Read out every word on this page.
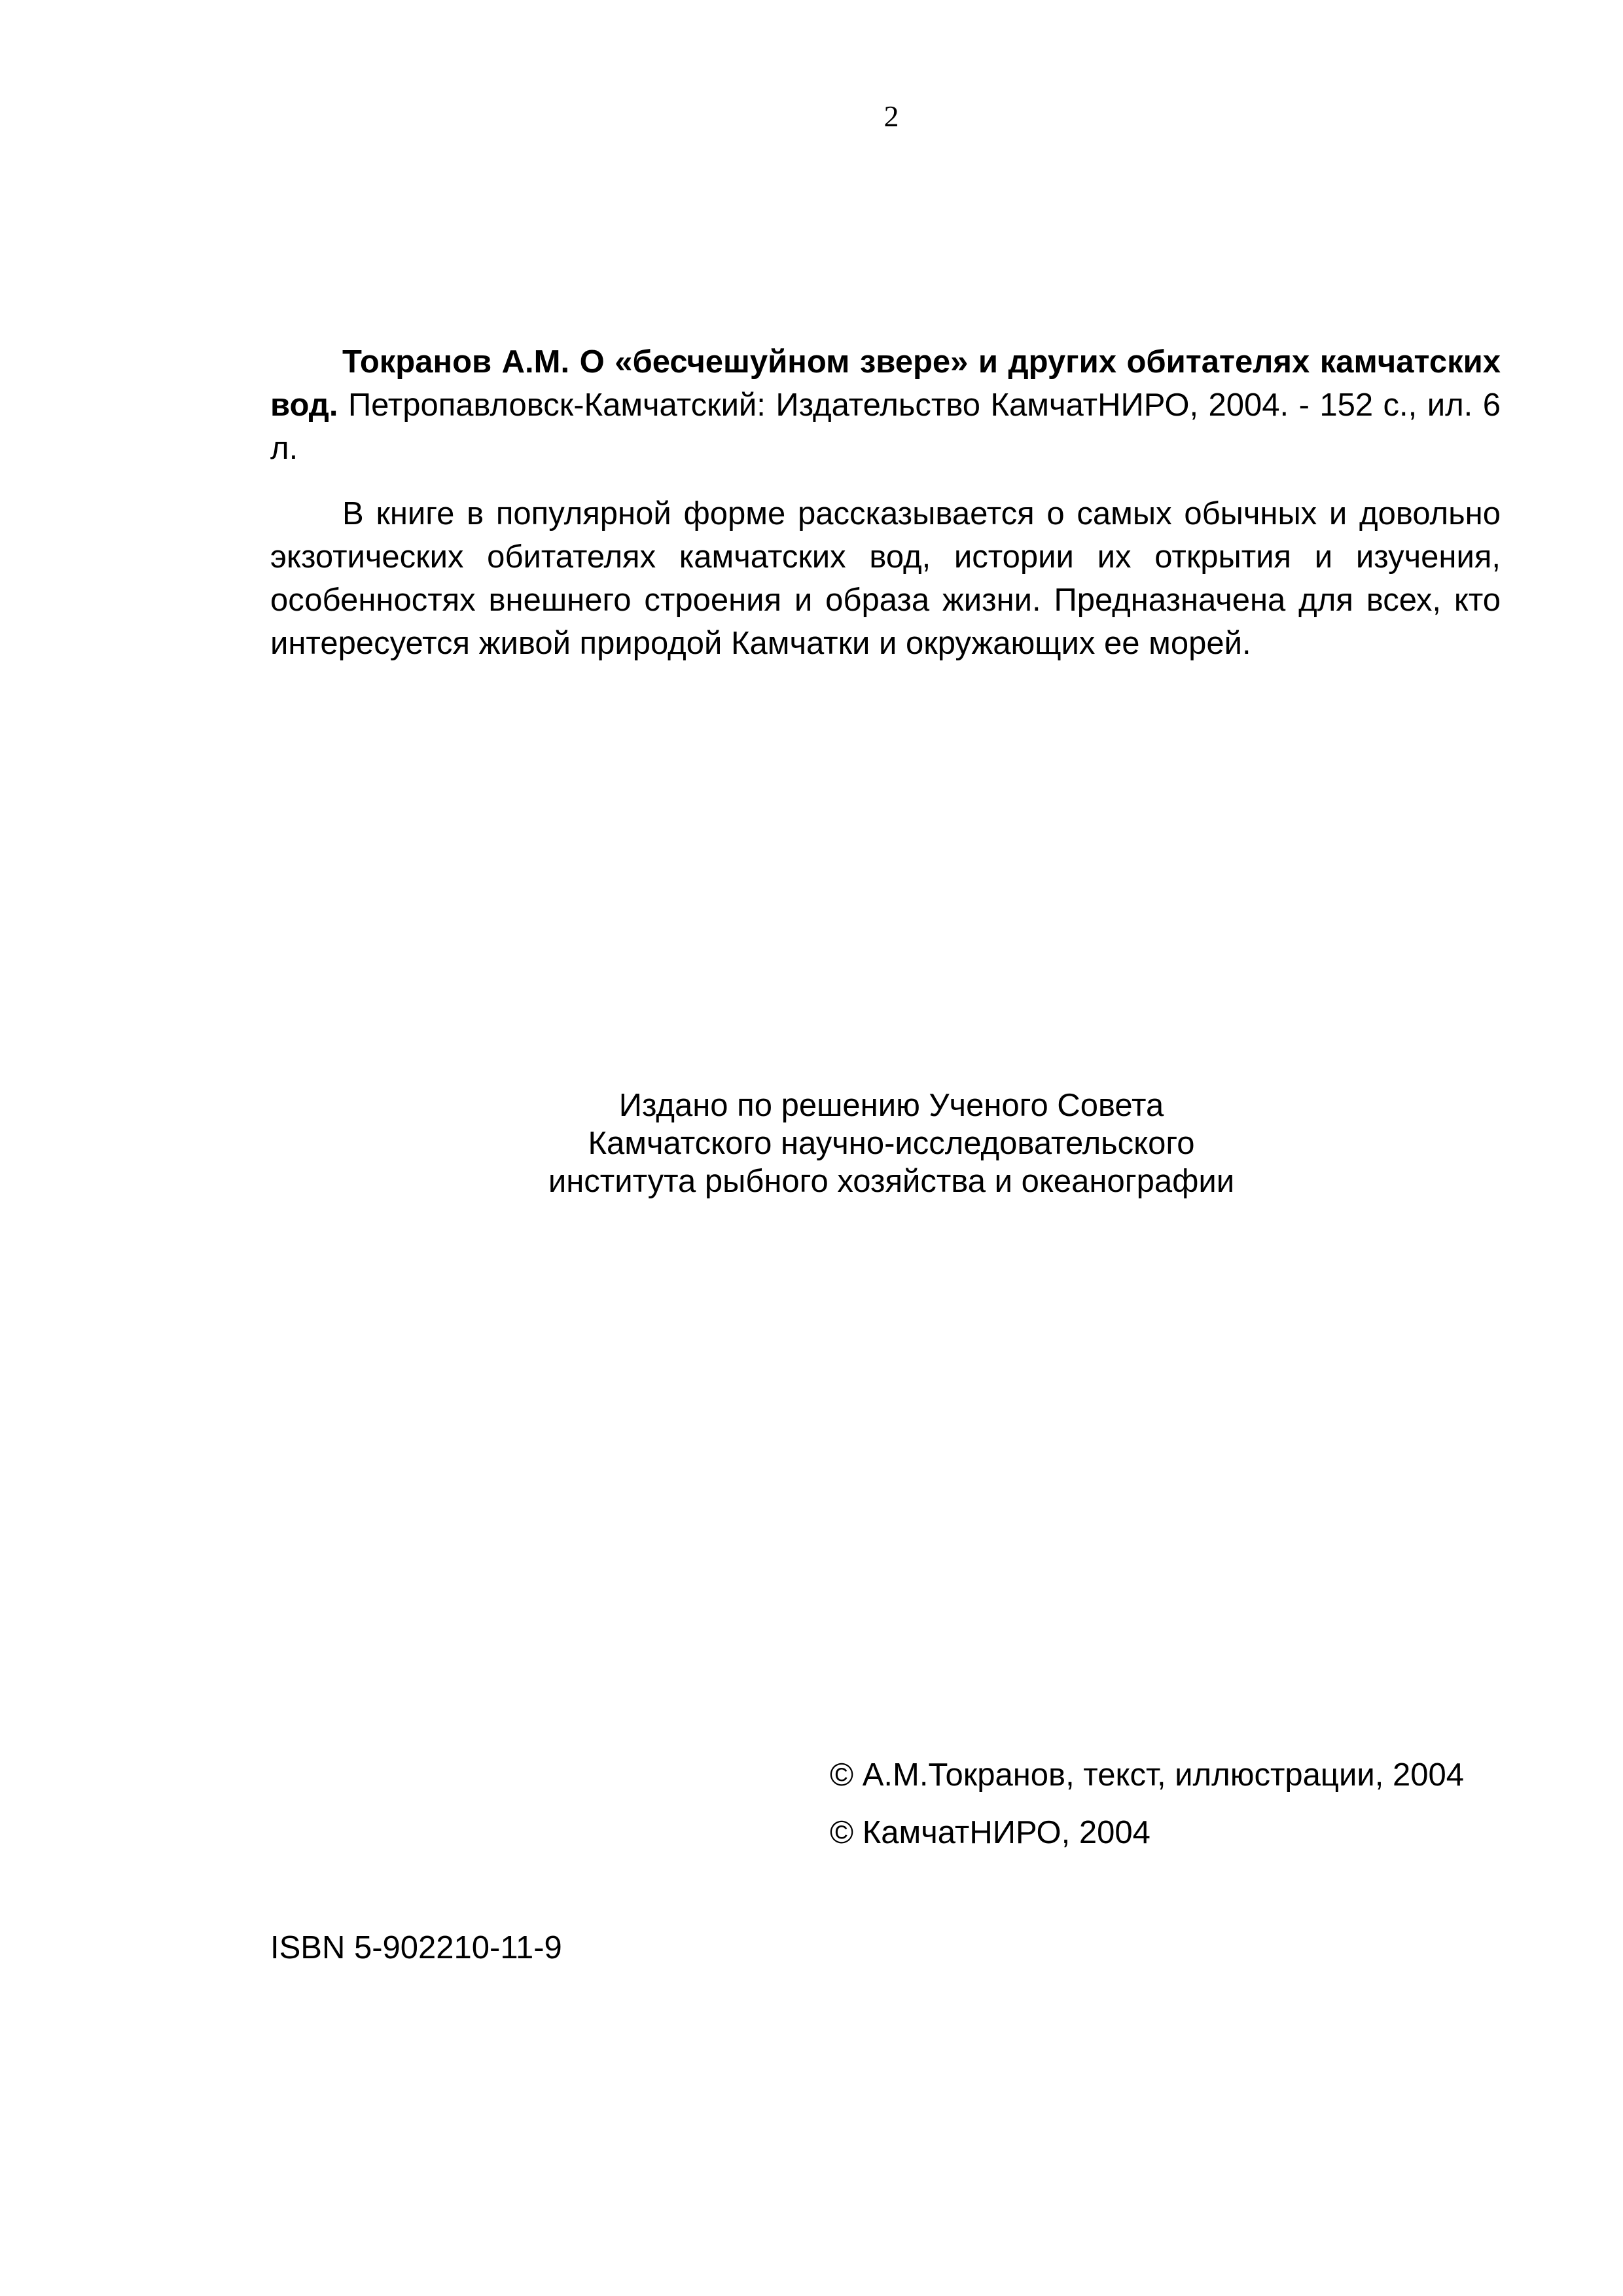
2

Токранов А.М. О «бесчешуйном звере» и других обитателях камчатских вод. Петропавловск-Камчатский: Издательство КамчатНИРО, 2004. - 152 с., ил. 6 л.

В книге в популярной форме рассказывается о самых обычных и довольно экзотических обитателях камчатских вод, истории их открытия и изучения, особенностях внешнего строения и образа жизни. Предназначена для всех, кто интересуется живой природой Камчатки и окружающих ее морей.

Издано по решению Ученого Совета
Камчатского научно-исследовательского
института рыбного хозяйства и океанографии
© А.М.Токранов, текст, иллюстрации, 2004
© КамчатНИРО, 2004
ISBN 5-902210-11-9
